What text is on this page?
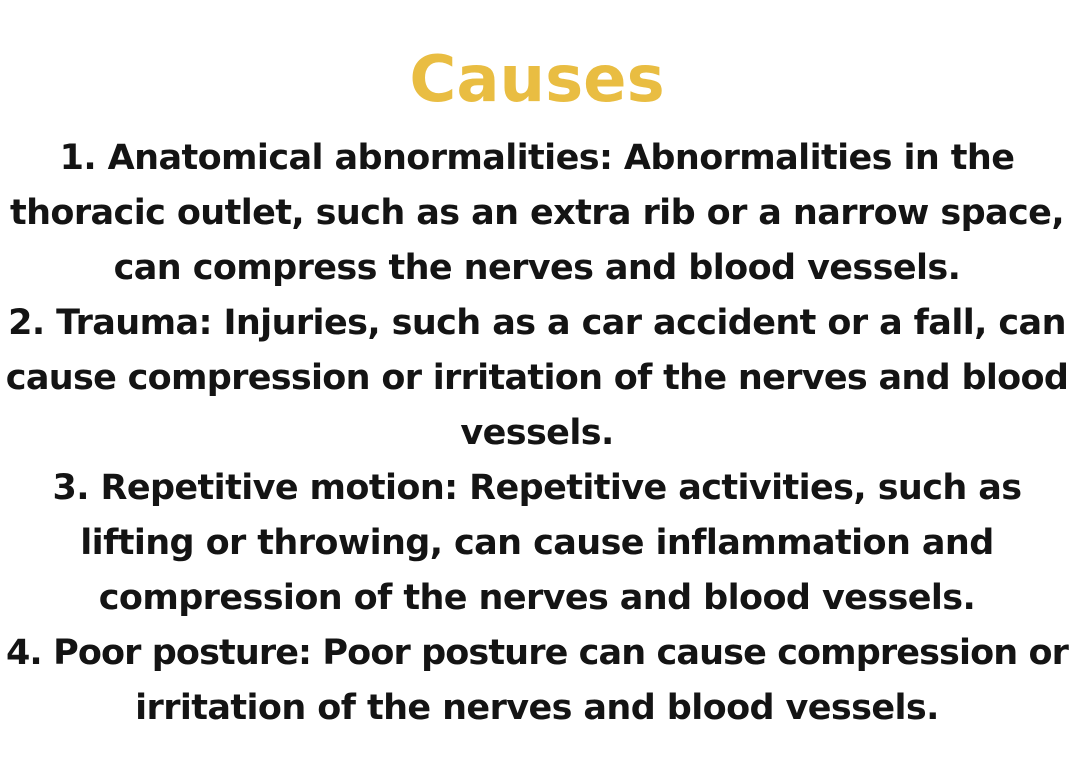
Causes
1. Anatomical abnormalities: Abnormalities in the
thoracic outlet, such as an extra rib or a narrow space,
can compress the nerves and blood vessels.
2. Trauma: Injuries, such as a car accident or a fall, can
cause compression or irritation of the nerves and blood
vessels.
3. Repetitive motion: Repetitive activities, such as
lifting or throwing, can cause inflammation and
compression of the nerves and blood vessels.
4. Poor posture: Poor posture can cause compression or
irritation of the nerves and blood vessels.
